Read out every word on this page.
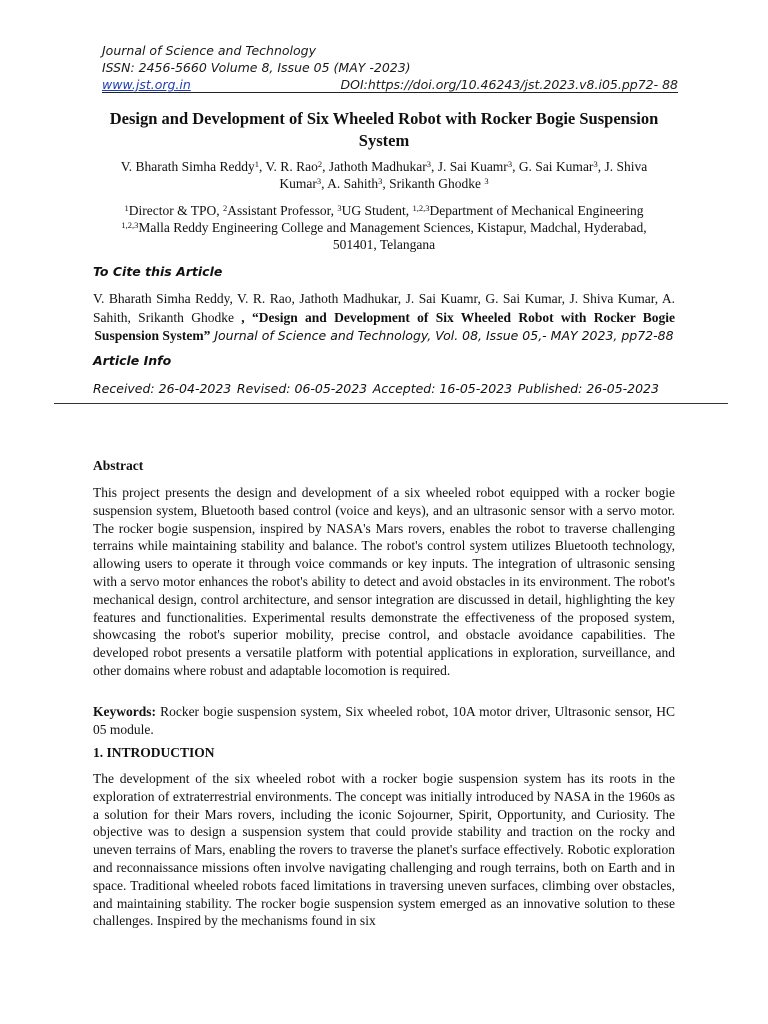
Journal of Science and Technology
ISSN: 2456-5660 Volume 8, Issue 05 (MAY -2023)
www.jst.org.in	DOI:https://doi.org/10.46243/jst.2023.v8.i05.pp72- 88
Design and Development of Six Wheeled Robot with Rocker Bogie Suspension System
V. Bharath Simha Reddy$^1$, V. R. Rao$^2$, Jathoth Madhukar$^3$, J. Sai Kuamr$^3$, G. Sai Kumar$^3$, J. Shiva Kumar$^3$, A. Sahith$^3$, Srikanth Ghodke $^3$
$^1$Director & TPO, $^2$Assistant Professor, $^3$UG Student, $^{1,2,3}$Department of Mechanical Engineering
$^{1,2,3}$Malla Reddy Engineering College and Management Sciences, Kistapur, Madchal, Hyderabad, 501401, Telangana
To Cite this Article
V. Bharath Simha Reddy, V. R. Rao, Jathoth Madhukar, J. Sai Kuamr, G. Sai Kumar, J. Shiva Kumar, A. Sahith, Srikanth Ghodke , “Design and Development of Six Wheeled Robot with Rocker Bogie Suspension System” Journal of Science and Technology, Vol. 08, Issue 05,- MAY 2023, pp72-88
Article Info
Received: 26-04-2023 Revised: 06-05-2023 Accepted: 16-05-2023 Published: 26-05-2023
Abstract
This project presents the design and development of a six wheeled robot equipped with a rocker bogie suspension system, Bluetooth based control (voice and keys), and an ultrasonic sensor with a servo motor. The rocker bogie suspension, inspired by NASA's Mars rovers, enables the robot to traverse challenging terrains while maintaining stability and balance. The robot's control system utilizes Bluetooth technology, allowing users to operate it through voice commands or key inputs. The integration of ultrasonic sensing with a servo motor enhances the robot's ability to detect and avoid obstacles in its environment. The robot's mechanical design, control architecture, and sensor integration are discussed in detail, highlighting the key features and functionalities. Experimental results demonstrate the effectiveness of the proposed system, showcasing the robot's superior mobility, precise control, and obstacle avoidance capabilities. The developed robot presents a versatile platform with potential applications in exploration, surveillance, and other domains where robust and adaptable locomotion is required.
Keywords: Rocker bogie suspension system, Six wheeled robot, 10A motor driver, Ultrasonic sensor, HC 05 module.
1. INTRODUCTION
The development of the six wheeled robot with a rocker bogie suspension system has its roots in the exploration of extraterrestrial environments. The concept was initially introduced by NASA in the 1960s as a solution for their Mars rovers, including the iconic Sojourner, Spirit, Opportunity, and Curiosity. The objective was to design a suspension system that could provide stability and traction on the rocky and uneven terrains of Mars, enabling the rovers to traverse the planet's surface effectively. Robotic exploration and reconnaissance missions often involve navigating challenging and rough terrains, both on Earth and in space. Traditional wheeled robots faced limitations in traversing uneven surfaces, climbing over obstacles, and maintaining stability. The rocker bogie suspension system emerged as an innovative solution to these challenges. Inspired by the mechanisms found in six
